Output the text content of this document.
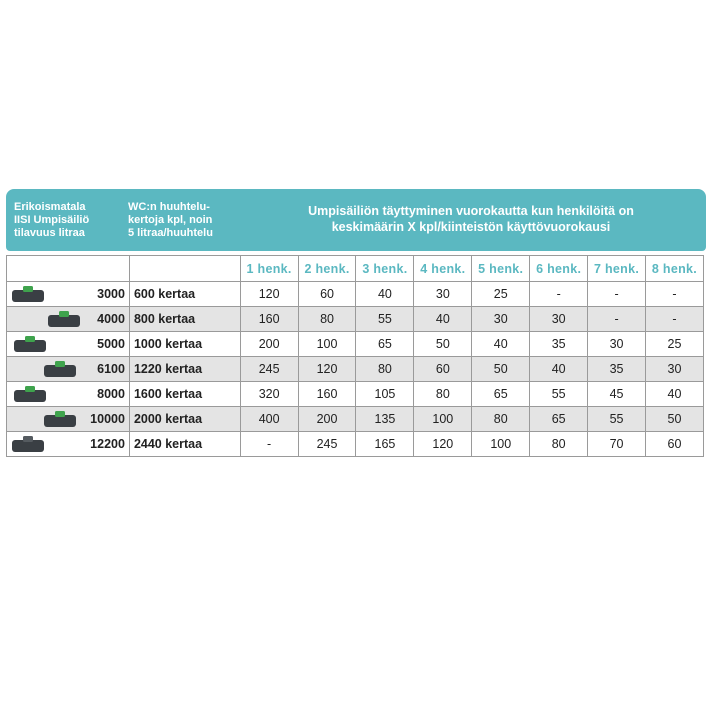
Erikoismatala
IISI Umpisäiliö
tilavuus litraa
WC:n huuhtelu-
kertoja kpl, noin
5 litraa/huuhtelu
Umpisäiliön täyttyminen vuorokautta kun henkilöitä on
keskimäärin X kpl/kiinteistön käyttövuorokausi
		1 henk.	2 henk.	3 henk.	4 henk.	5 henk.	6 henk.	7 henk.	8 henk.

3000	600 kertaa	120	60	40	30	25	-	-	-

4000	800 kertaa	160	80	55	40	30	30	-	-

5000	1000 kertaa	200	100	65	50	40	35	30	25

6100	1220 kertaa	245	120	80	60	50	40	35	30

8000	1600 kertaa	320	160	105	80	65	55	45	40

10000	2000 kertaa	400	200	135	100	80	65	55	50

12200	2440 kertaa	-	245	165	120	100	80	70	60
